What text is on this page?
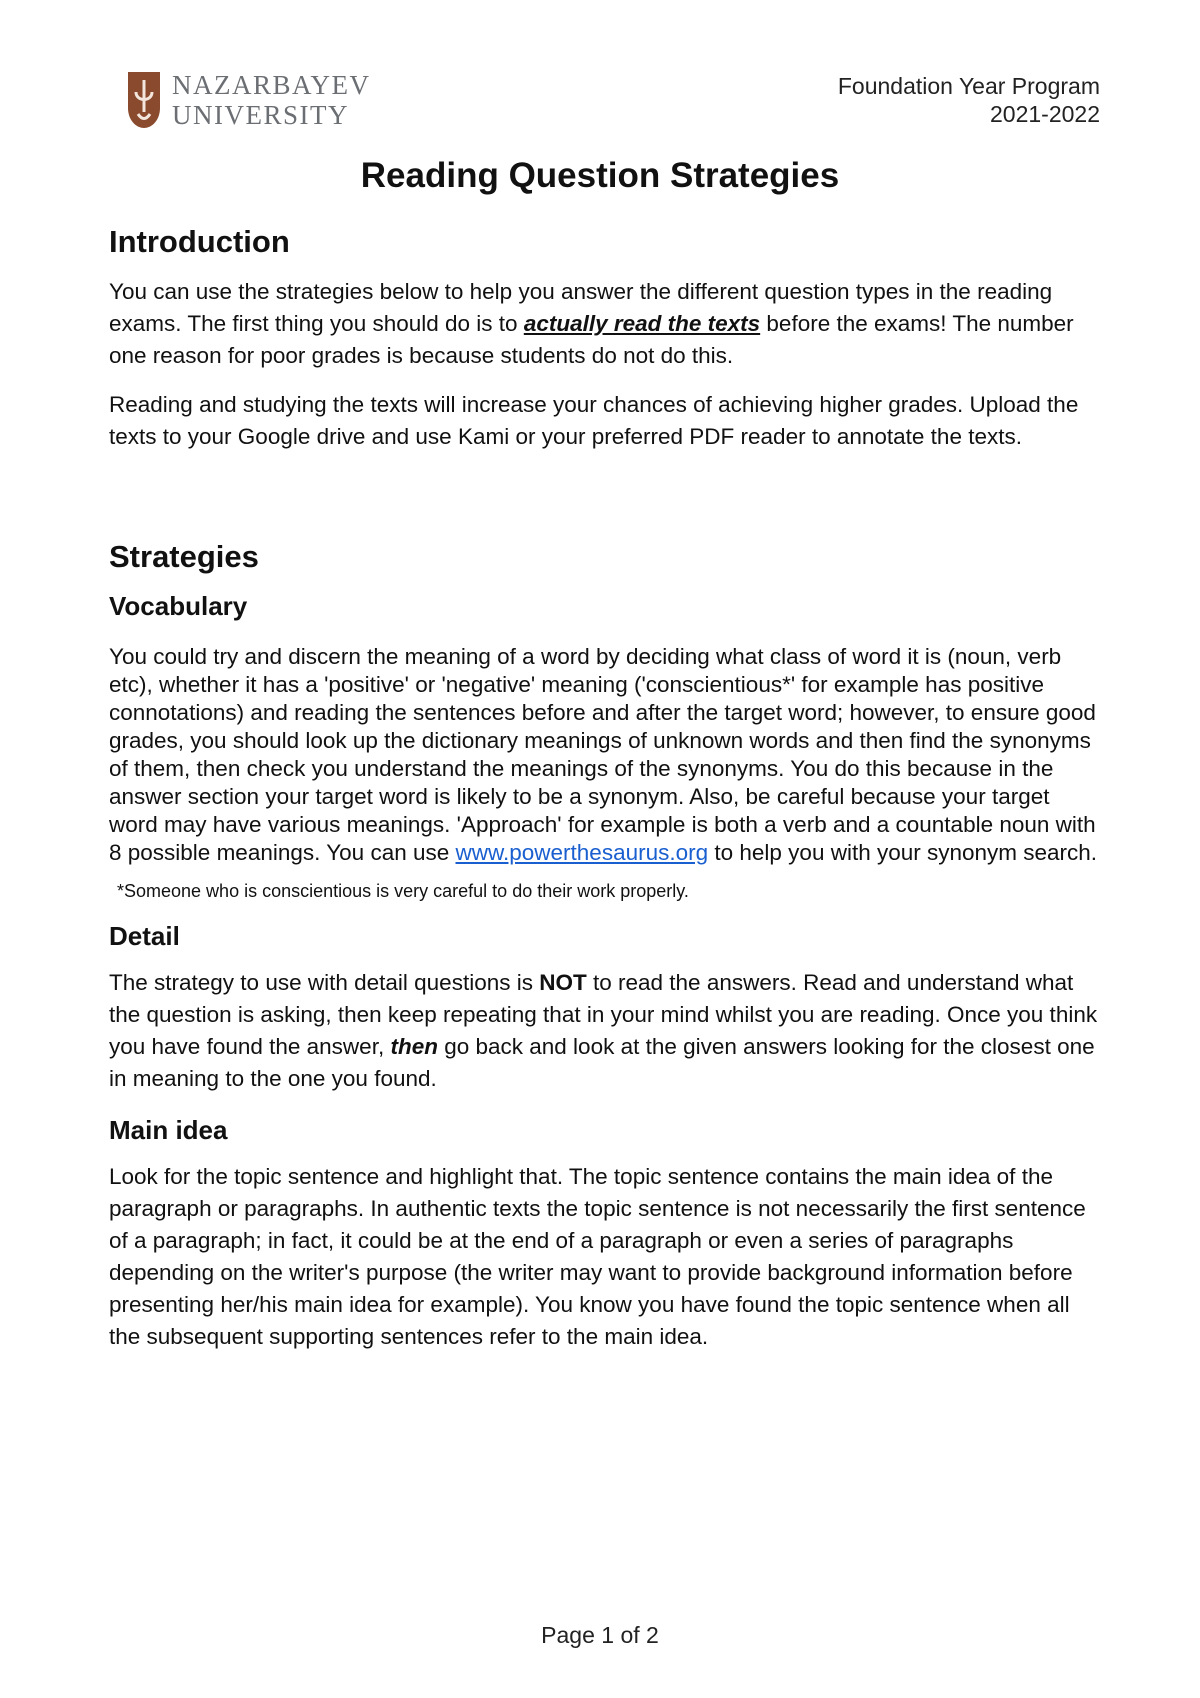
NAZARBAYEV
UNIVERSITY
Foundation Year Program
2021-2022
Reading Question Strategies
Introduction

You can use the strategies below to help you answer the different question types in the reading exams. The first thing you should do is to actually read the texts before the exams! The number one reason for poor grades is because students do not do this.

Reading and studying the texts will increase your chances of achieving higher grades. Upload the texts to your Google drive and use Kami or your preferred PDF reader to annotate the texts.

Strategies
Vocabulary

You could try and discern the meaning of a word by deciding what class of word it is (noun, verb etc), whether it has a 'positive' or 'negative' meaning ('conscientious*' for example has positive connotations) and reading the sentences before and after the target word; however, to ensure good grades, you should look up the dictionary meanings of unknown words and then find the synonyms of them, then check you understand the meanings of the synonyms. You do this because in the answer section your target word is likely to be a synonym. Also, be careful because your target word may have various meanings. 'Approach' for example is both a verb and a countable noun with 8 possible meanings. You can use www.powerthesaurus.org to help you with your synonym search.

*Someone who is conscientious is very careful to do their work properly.

Detail

The strategy to use with detail questions is NOT to read the answers. Read and understand what the question is asking, then keep repeating that in your mind whilst you are reading. Once you think you have found the answer, then go back and look at the given answers looking for the closest one in meaning to the one you found.

Main idea

Look for the topic sentence and highlight that. The topic sentence contains the main idea of the paragraph or paragraphs. In authentic texts the topic sentence is not necessarily the first sentence of a paragraph; in fact, it could be at the end of a paragraph or even a series of paragraphs depending on the writer's purpose (the writer may want to provide background information before presenting her/his main idea for example). You know you have found the topic sentence when all the subsequent supporting sentences refer to the main idea.

Page 1 of 2
